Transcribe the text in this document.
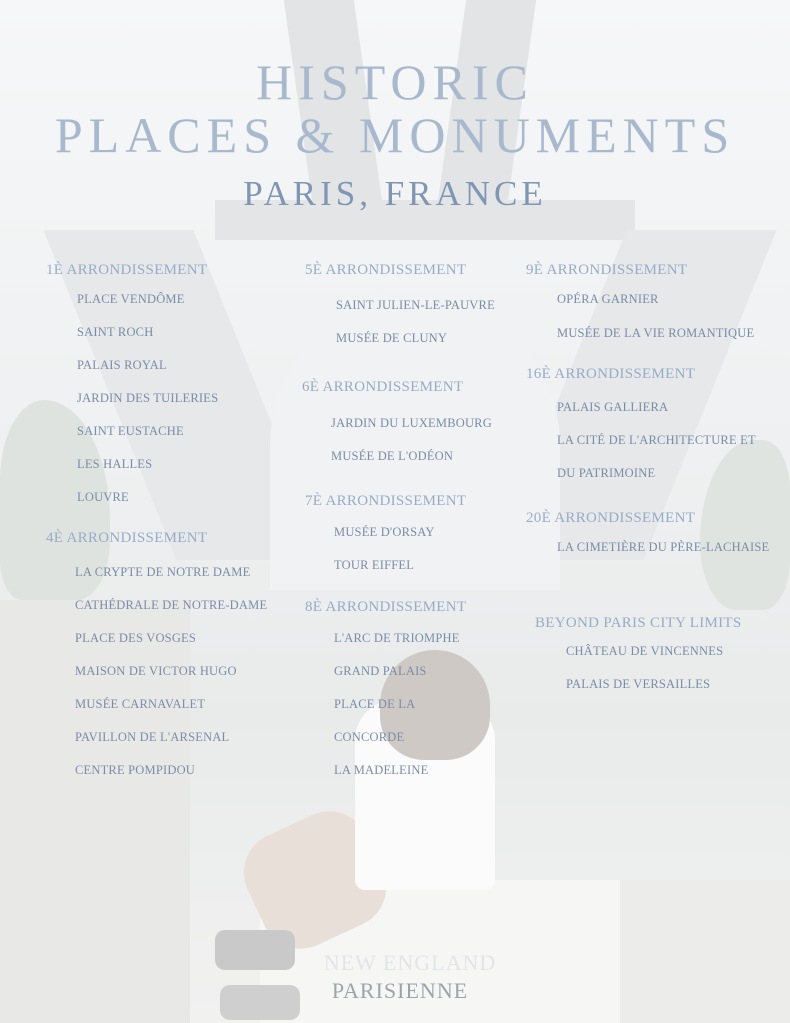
HISTORIC
PLACES & MONUMENTS
PARIS, FRANCE
1È ARRONDISSEMENT
PLACE VENDÔME
SAINT ROCH
PALAIS ROYAL
JARDIN DES TUILERIES
SAINT EUSTACHE
LES HALLES
LOUVRE
4È ARRONDISSEMENT
LA CRYPTE DE NOTRE DAME
CATHÉDRALE DE NOTRE-DAME
PLACE DES VOSGES
MAISON DE VICTOR HUGO
MUSÉE CARNAVALET
PAVILLON DE L'ARSENAL
CENTRE POMPIDOU
5È ARRONDISSEMENT
SAINT JULIEN-LE-PAUVRE
MUSÉE DE CLUNY
6È ARRONDISSEMENT
JARDIN DU LUXEMBOURG
MUSÉE DE L'ODÉON
7È ARRONDISSEMENT
MUSÉE D'ORSAY
TOUR EIFFEL
8È ARRONDISSEMENT
L'ARC DE TRIOMPHE
GRAND PALAIS
PLACE DE LA
CONCORDE
LA MADELEINE
9È ARRONDISSEMENT
OPÉRA GARNIER
MUSÉE DE LA VIE ROMANTIQUE
16È ARRONDISSEMENT
PALAIS GALLIERA
LA CITÉ DE L'ARCHITECTURE ET
DU PATRIMOINE
20È ARRONDISSEMENT
LA CIMETIÈRE DU PÈRE-LACHAISE
BEYOND PARIS CITY LIMITS
CHÂTEAU DE VINCENNES
PALAIS DE VERSAILLES
NEW ENGLAND
PARISIENNE
